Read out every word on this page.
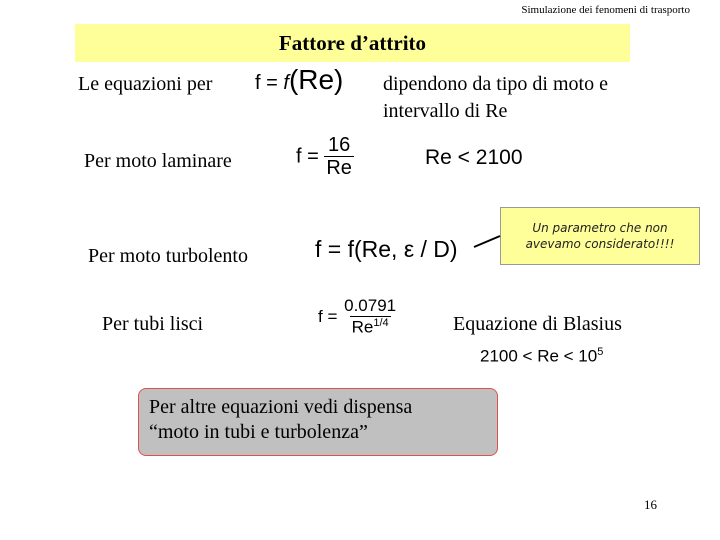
Simulazione dei fenomeni di trasporto
Fattore d’attrito
Le equazioni per f = f(Re) dipendono da tipo di moto e
intervallo di Re
Per moto laminare	$f = \frac{16}{Re}$	Re < 2100
Per moto turbolento	f = f(Re, ε / D)
Un parametro che non
avevamo considerato!!!!
Per tubi lisci	$f = \frac{0.0791}{Re^{1/4}}$	Equazione di Blasius
$2100 < Re < 10^5$
Per altre equazioni vedi dispensa
“moto in tubi e turbolenza”
16
